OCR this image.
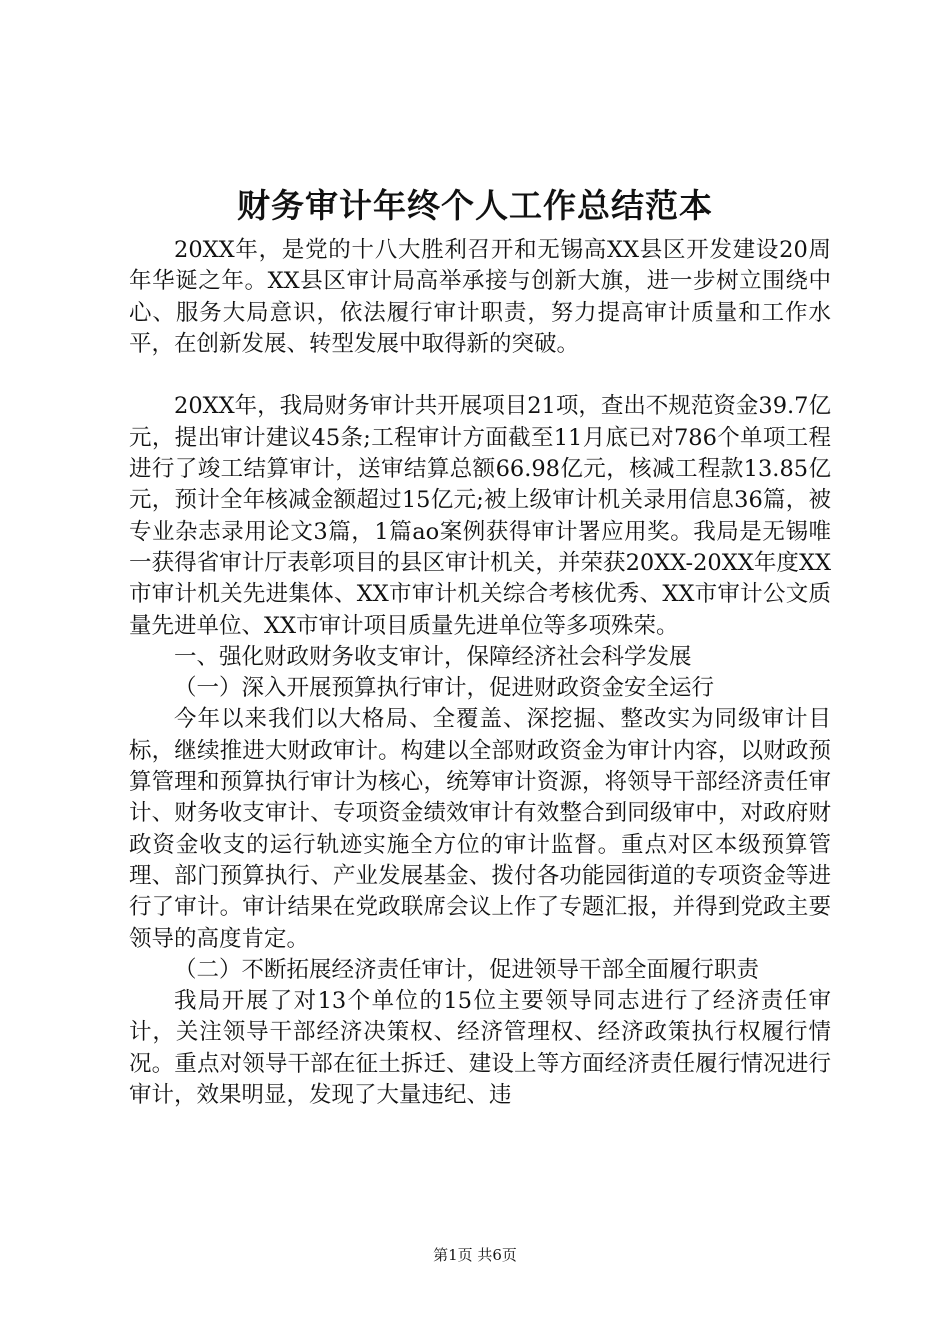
财务审计年终个人工作总结范本

20XX年，是党的十八大胜利召开和无锡高XX县区开发建设20周年华诞之年。XX县区审计局高举承接与创新大旗，进一步树立围绕中心、服务大局意识，依法履行审计职责，努力提高审计质量和工作水平，在创新发展、转型发展中取得新的突破。

20XX年，我局财务审计共开展项目21项，查出不规范资金39.7亿元，提出审计建议45条;工程审计方面截至11月底已对786个单项工程进行了竣工结算审计，送审结算总额66.98亿元，核减工程款13.85亿元，预计全年核减金额超过15亿元;被上级审计机关录用信息36篇，被专业杂志录用论文3篇，1篇ao案例获得审计署应用奖。我局是无锡唯一获得省审计厅表彰项目的县区审计机关，并荣获20XX-20XX年度XX市审计机关先进集体、XX市审计机关综合考核优秀、XX市审计公文质量先进单位、XX市审计项目质量先进单位等多项殊荣。

一、强化财政财务收支审计，保障经济社会科学发展

（一）深入开展预算执行审计，促进财政资金安全运行

今年以来我们以大格局、全覆盖、深挖掘、整改实为同级审计目标，继续推进大财政审计。构建以全部财政资金为审计内容，以财政预算管理和预算执行审计为核心，统筹审计资源，将领导干部经济责任审计、财务收支审计、专项资金绩效审计有效整合到同级审中，对政府财政资金收支的运行轨迹实施全方位的审计监督。重点对区本级预算管理、部门预算执行、产业发展基金、拨付各功能园街道的专项资金等进行了审计。审计结果在党政联席会议上作了专题汇报，并得到党政主要领导的高度肯定。

（二）不断拓展经济责任审计，促进领导干部全面履行职责

我局开展了对13个单位的15位主要领导同志进行了经济责任审计，关注领导干部经济决策权、经济管理权、经济政策执行权履行情况。重点对领导干部在征土拆迁、建设上等方面经济责任履行情况进行审计，效果明显，发现了大量违纪、违

第1页 共6页
